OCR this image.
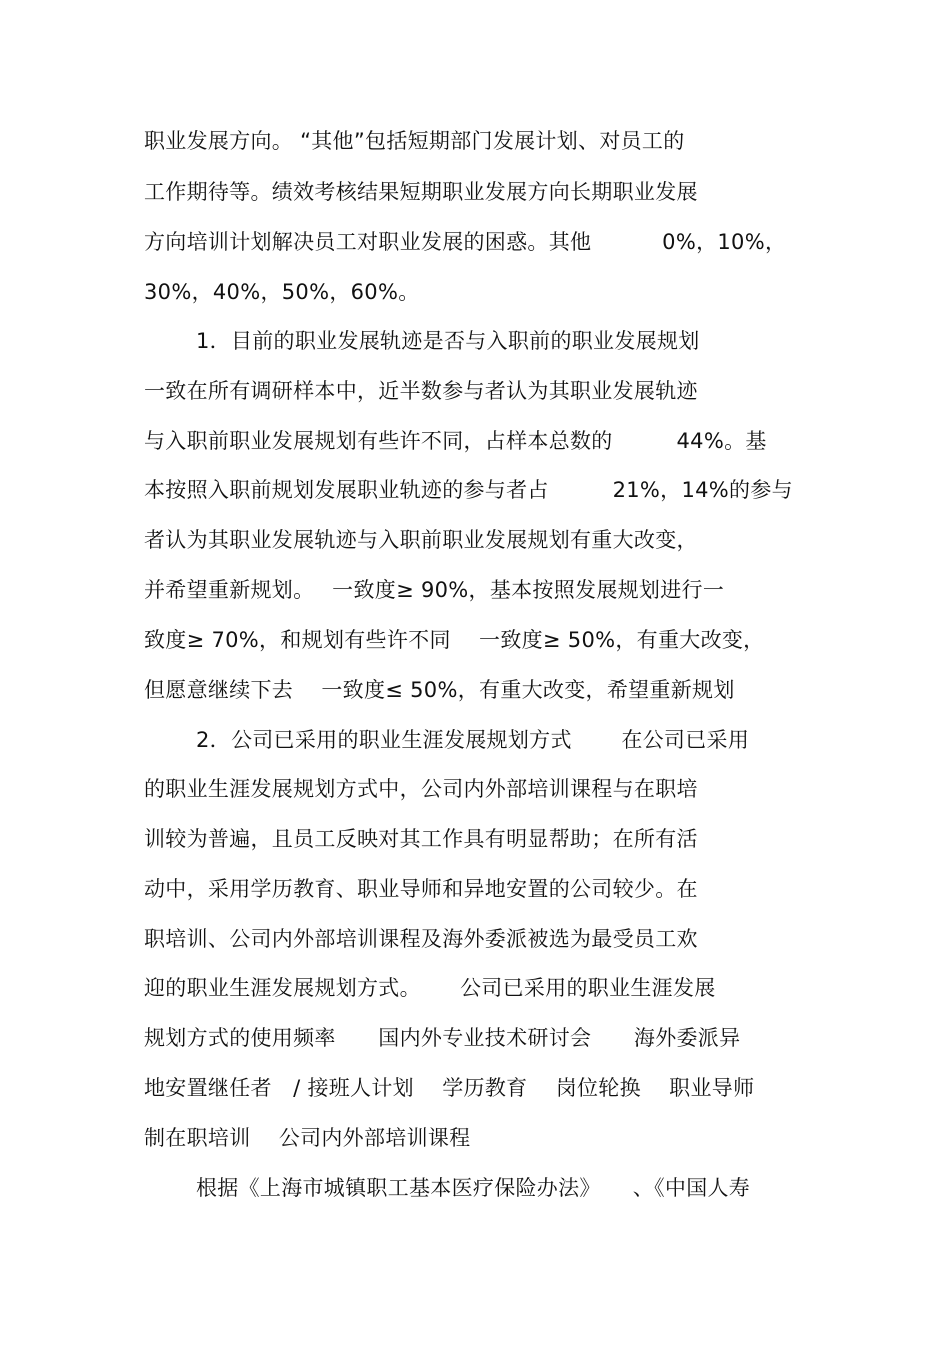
职业发展方向。 “其他”包括短期部门发展计划、对员工的
工作期待等。绩效考核结果短期职业发展方向长期职业发展
方向培训计划解决员工对职业发展的困惑。其他　　　 0%，10%，
30%，40%，50%，60%。
1．目前的职业发展轨迹是否与入职前的职业发展规划
一致在所有调研样本中，近半数参与者认为其职业发展轨迹
与入职前职业发展规划有些许不同，占样本总数的　　　44%。基
本按照入职前规划发展职业轨迹的参与者占　　　21%，14%的参与
者认为其职业发展轨迹与入职前职业发展规划有重大改变，
并希望重新规划。　 一致度≥ 90%，基本按照发展规划进行一
致度≥ 70%，和规划有些许不同　 一致度≥ 50%，有重大改变，
但愿意继续下去　 一致度≤ 50%，有重大改变，希望重新规划
2．公司已采用的职业生涯发展规划方式　　 在公司已采用
的职业生涯发展规划方式中，公司内外部培训课程与在职培
训较为普遍，且员工反映对其工作具有明显帮助；在所有活
动中，采用学历教育、职业导师和异地安置的公司较少。在
职培训、公司内外部培训课程及海外委派被选为最受员工欢
迎的职业生涯发展规划方式。　　 公司已采用的职业生涯发展
规划方式的使用频率　　国内外专业技术研讨会　　海外委派异
地安置继任者　/ 接班人计划　 学历教育　 岗位轮换　 职业导师
制在职培训　 公司内外部培训课程
根据《上海市城镇职工基本医疗保险办法》　　、《中国人寿
